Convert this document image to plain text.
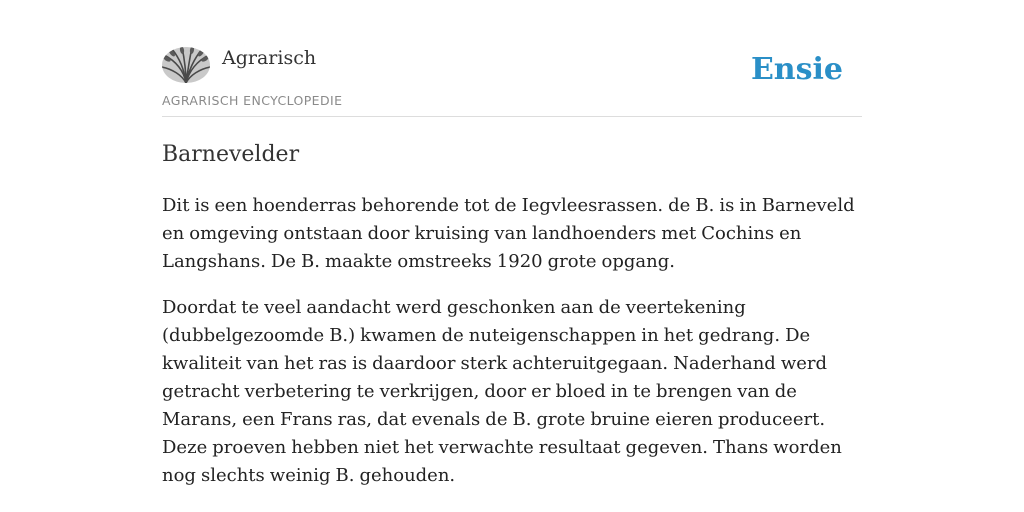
Agrarisch
AGRARISCH ENCYCLOPEDIE
Ensie
Barnevelder

Dit is een hoenderras behorende tot de Iegvleesrassen. de B. is in Barneveld en omgeving ontstaan door kruising van landhoenders met Cochins en Langshans. De B. maakte omstreeks 1920 grote opgang.

Doordat te veel aandacht werd geschonken aan de veertekening (dubbelgezoomde B.) kwamen de nuteigenschappen in het gedrang. De kwaliteit van het ras is daardoor sterk achteruitgegaan. Naderhand werd getracht verbetering te verkrijgen, door er bloed in te brengen van de Marans, een Frans ras, dat evenals de B. grote bruine eieren produceert. Deze proeven hebben niet het verwachte resultaat gegeven. Thans worden nog slechts weinig B. gehouden.
